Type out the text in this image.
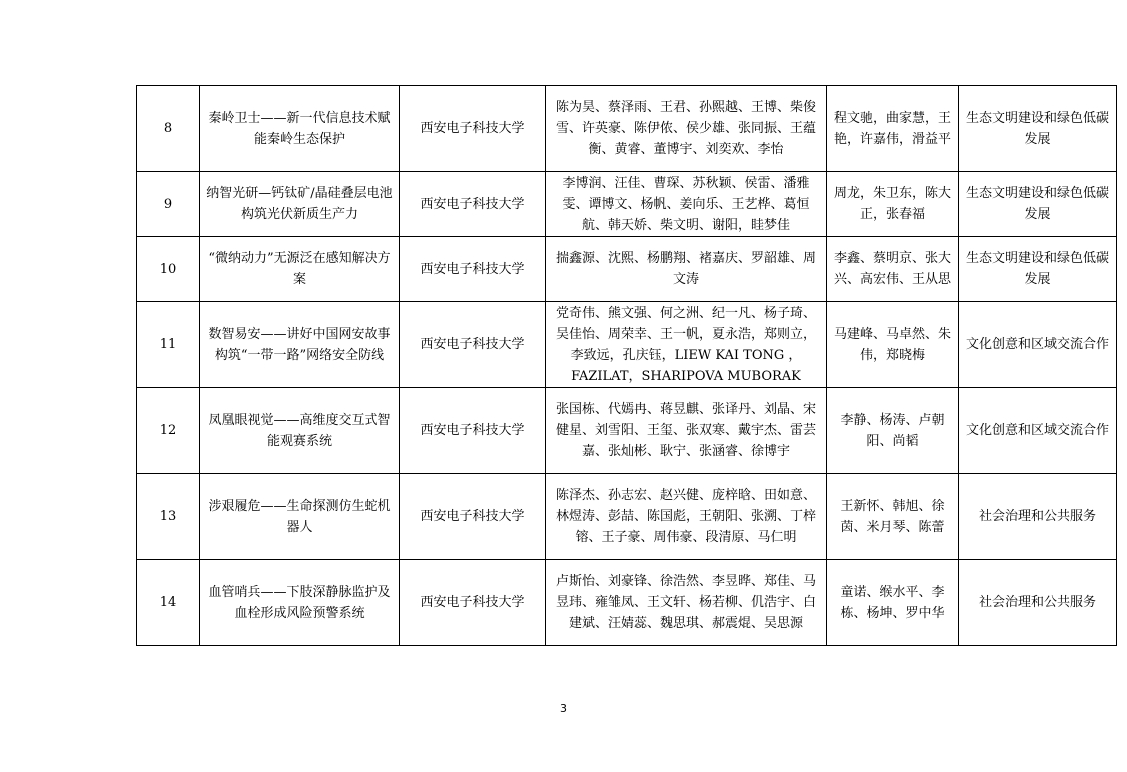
8	秦岭卫士——新一代信息技术赋能秦岭生态保护	西安电子科技大学	陈为昊、蔡泽雨、王君、孙熙越、王博、柴俊雪、许英豪、陈伊侬、侯少雄、张同振、王蕴衡、黄睿、董博宇、刘奕欢、李怡	程文驰，曲家慧，王艳，许嘉伟，滑益平	生态文明建设和绿色低碳发展
9	纳智光研—钙钛矿/晶硅叠层电池构筑光伏新质生产力	西安电子科技大学	李博润、汪佳、曹琛、苏秋颖、侯雷、潘雅雯、谭博文、杨帆、姜向乐、王艺桦、葛恒航、韩天娇、柴文明、谢阳，眭梦佳	周龙，朱卫东，陈大正，张春福	生态文明建设和绿色低碳发展
10	“微纳动力”无源泛在感知解决方案	西安电子科技大学	揣鑫源、沈熙、杨鹏翔、褚嘉庆、罗韶雄、周文涛	李鑫、蔡明京、张大兴、高宏伟、王从思	生态文明建设和绿色低碳发展
11	数智易安——讲好中国网安故事 构筑“一带一路”网络安全防线	西安电子科技大学	党奇伟、熊文强、何之洲、纪一凡、杨子琦、吴佳怡、周荣幸、王一帆，夏永浩，郑则立，李致远，孔庆钰，LIEW KAI TONG ，FAZILAT，SHARIPOVA MUBORAK	马建峰、马卓然、朱伟，郑晓梅	文化创意和区域交流合作
12	凤凰眼视觉——高维度交互式智能观赛系统	西安电子科技大学	张国栋、代嫣冉、蒋昱麒、张译丹、刘晶、宋健星、刘雪阳、王玺、张双寒、戴宇杰、雷芸嘉、张灿彬、耿宁、张涵睿、徐博宇	李静、杨涛、卢朝阳、尚韬	文化创意和区域交流合作
13	涉艰履危——生命探测仿生蛇机器人	西安电子科技大学	陈泽杰、孙志宏、赵兴健、庞梓晗、田如意、林煜涛、彭喆、陈国彪，王朝阳、张溯、丁梓镕、王子豪、周伟豪、段清原、马仁明	王新怀、韩旭、徐茵、米月琴、陈蕾	社会治理和公共服务
14	血管哨兵——下肢深静脉监护及血栓形成风险预警系统	西安电子科技大学	卢斯怡、刘豪锋、徐浩然、李昱晔、郑佳、马昱玮、雍雏凤、王文轩、杨若柳、仉浩宇、白建斌、汪婧蕊、魏思琪、郝震焜、吴思源	童诺、缑水平、李栋、杨坤、罗中华	社会治理和公共服务
3
